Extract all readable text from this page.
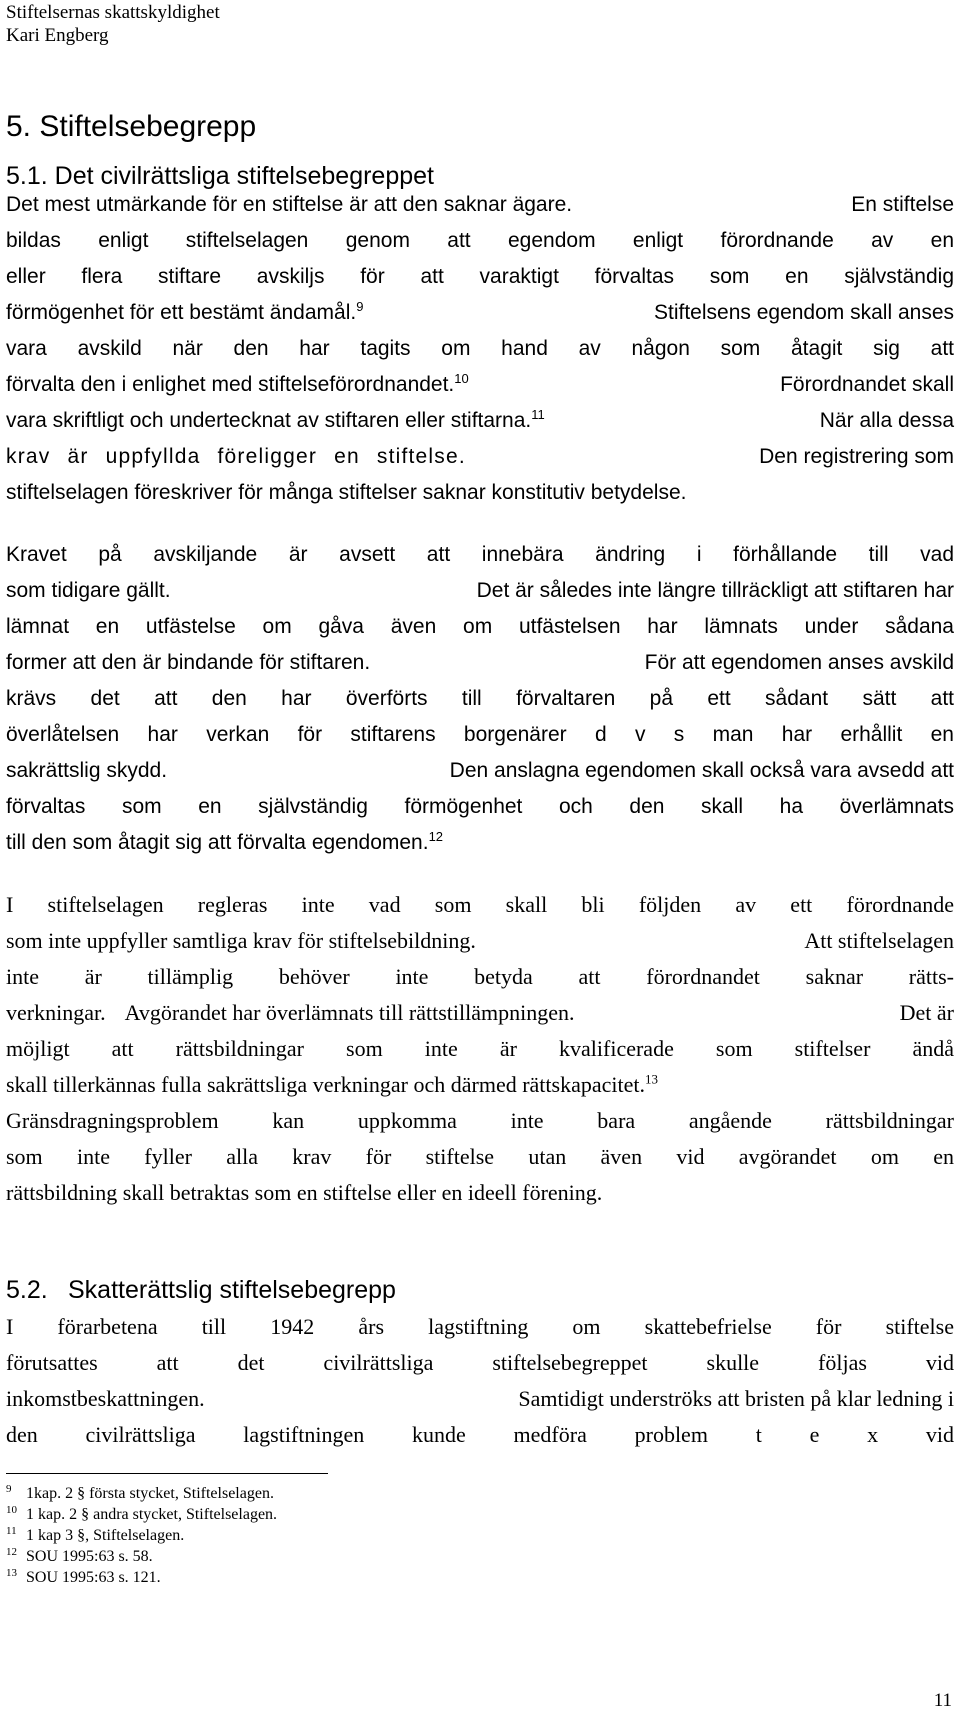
Stiftelsernas skattskyldighet
Kari Engberg
5. Stiftelsebegrepp
5.1. Det civilrättsliga stiftelsebegreppet
Det mest utmärkande för en stiftelse är att den saknar ägare.	En stiftelse
bildas enligt stiftelselagen genom att egendom enligt förordnande av en
eller flera stiftare avskiljs för att varaktigt förvaltas som en självständig
förmögenhet för ett bestämt ändamål.$^9$	Stiftelsens egendom skall anses
vara avskild när den har tagits om hand av någon som åtagit sig att
förvalta den i enlighet med stiftelseförordnandet.$^{10}$	Förordnandet skall
vara skriftligt och undertecknat av stiftaren eller stiftarna.$^{11}$	När alla dessa
krav är uppfyllda föreligger en stiftelse.	Den registrering som
stiftelselagen föreskriver för många stiftelser saknar konstitutiv betydelse.
Kravet på avskiljande är avsett att innebära ändring i förhållande till vad
som tidigare gällt.	Det är således inte längre tillräckligt att stiftaren har
lämnat en utfästelse om gåva även om utfästelsen har lämnats under sådana
former att den är bindande för stiftaren.	För att egendomen anses avskild
krävs det att den har överförts till förvaltaren på ett sådant sätt att
överlåtelsen har verkan för stiftarens borgenärer d v s man har erhållit en
sakrättslig skydd.	Den anslagna egendomen skall också vara avsedd att
förvaltas som en självständig förmögenhet och den skall ha överlämnats
till den som åtagit sig att förvalta egendomen.$^{12}$
I stiftelselagen regleras inte vad som skall bli följden av ett förordnande
som inte uppfyller samtliga krav för stiftelsebildning.	Att stiftelselagen
inte är tillämplig behöver inte betyda att förordnandet saknar rätts-
verkningar. Avgörandet har överlämnats till rättstillämpningen.	Det är
möjligt att rättsbildningar som inte är kvalificerade som stiftelser ändå
skall tillerkännas fulla sakrättsliga verkningar och därmed rättskapacitet.$^{13}$
Gränsdragningsproblem kan uppkomma inte bara angående rättsbildningar
som inte fyller alla krav för stiftelse utan även vid avgörandet om en
rättsbildning skall betraktas som en stiftelse eller en ideell förening.
5.2. Skatterättslig stiftelsebegrepp
I förarbetena till 1942 års lagstiftning om skattebefrielse för stiftelse
förutsattes att det civilrättsliga stiftelsebegreppet skulle följas vid
inkomstbeskattningen.	Samtidigt underströks att bristen på klar ledning i
den civilrättsliga lagstiftningen kunde medföra problem t e x vid
9 1kap. 2 § första stycket, Stiftelselagen.
10 1 kap. 2 § andra stycket, Stiftelselagen.
11 1 kap 3 §, Stiftelselagen.
12 SOU 1995:63 s. 58.
13 SOU 1995:63 s. 121.
11
